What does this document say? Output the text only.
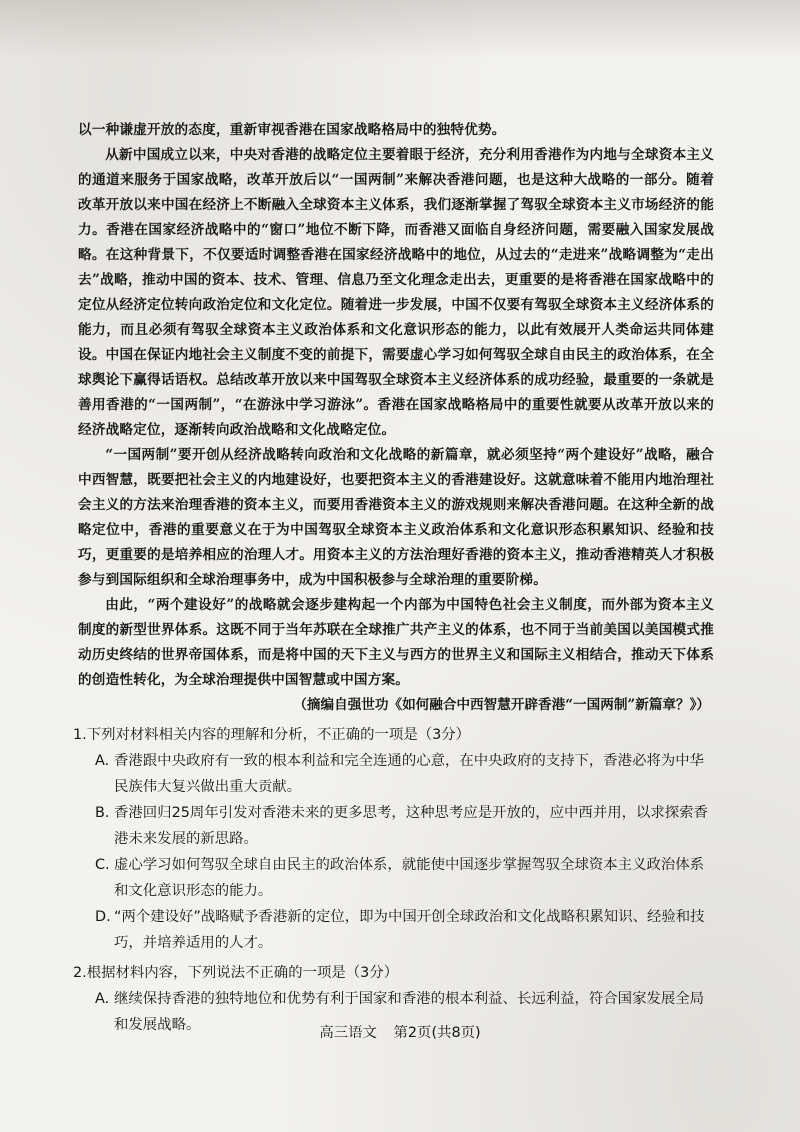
以一种谦虚开放的态度，重新审视香港在国家战略格局中的独特优势。

从新中国成立以来，中央对香港的战略定位主要着眼于经济，充分利用香港作为内地与全球资本主义的通道来服务于国家战略，改革开放后以“一国两制”来解决香港问题，也是这种大战略的一部分。随着改革开放以来中国在经济上不断融入全球资本主义体系，我们逐渐掌握了驾驭全球资本主义市场经济的能力。香港在国家经济战略中的“窗口”地位不断下降，而香港又面临自身经济问题，需要融入国家发展战略。在这种背景下，不仅要适时调整香港在国家经济战略中的地位，从过去的“走进来”战略调整为“走出去”战略，推动中国的资本、技术、管理、信息乃至文化理念走出去，更重要的是将香港在国家战略中的定位从经济定位转向政治定位和文化定位。随着进一步发展，中国不仅要有驾驭全球资本主义经济体系的能力，而且必须有驾驭全球资本主义政治体系和文化意识形态的能力，以此有效展开人类命运共同体建设。中国在保证内地社会主义制度不变的前提下，需要虚心学习如何驾驭全球自由民主的政治体系，在全球舆论下赢得话语权。总结改革开放以来中国驾驭全球资本主义经济体系的成功经验，最重要的一条就是善用香港的“一国两制”，“在游泳中学习游泳”。香港在国家战略格局中的重要性就要从改革开放以来的经济战略定位，逐渐转向政治战略和文化战略定位。

“一国两制”要开创从经济战略转向政治和文化战略的新篇章，就必须坚持“两个建设好”战略，融合中西智慧，既要把社会主义的内地建设好，也要把资本主义的香港建设好。这就意味着不能用内地治理社会主义的方法来治理香港的资本主义，而要用香港资本主义的游戏规则来解决香港问题。在这种全新的战略定位中，香港的重要意义在于为中国驾驭全球资本主义政治体系和文化意识形态积累知识、经验和技巧，更重要的是培养相应的治理人才。用资本主义的方法治理好香港的资本主义，推动香港精英人才积极参与到国际组织和全球治理事务中，成为中国积极参与全球治理的重要阶梯。

由此，“两个建设好”的战略就会逐步建构起一个内部为中国特色社会主义制度，而外部为资本主义制度的新型世界体系。这既不同于当年苏联在全球推广共产主义的体系，也不同于当前美国以美国模式推动历史终结的世界帝国体系，而是将中国的天下主义与西方的世界主义和国际主义相结合，推动天下体系的创造性转化，为全球治理提供中国智慧或中国方案。

（摘编自强世功《如何融合中西智慧开辟香港“一国两制”新篇章？》）

1.下列对材料相关内容的理解和分析，不正确的一项是（3分）

A. 香港跟中央政府有一致的根本利益和完全连通的心意，在中央政府的支持下，香港必将为中华民族伟大复兴做出重大贡献。

B. 香港回归25周年引发对香港未来的更多思考，这种思考应是开放的，应中西并用，以求探索香港未来发展的新思路。

C. 虚心学习如何驾驭全球自由民主的政治体系，就能使中国逐步掌握驾驭全球资本主义政治体系和文化意识形态的能力。

D. “两个建设好”战略赋予香港新的定位，即为中国开创全球政治和文化战略积累知识、经验和技巧，并培养适用的人才。

2.根据材料内容，下列说法不正确的一项是（3分）

A. 继续保持香港的独特地位和优势有利于国家和香港的根本利益、长远利益，符合国家发展全局和发展战略。	高三语文 第2页(共8页)
